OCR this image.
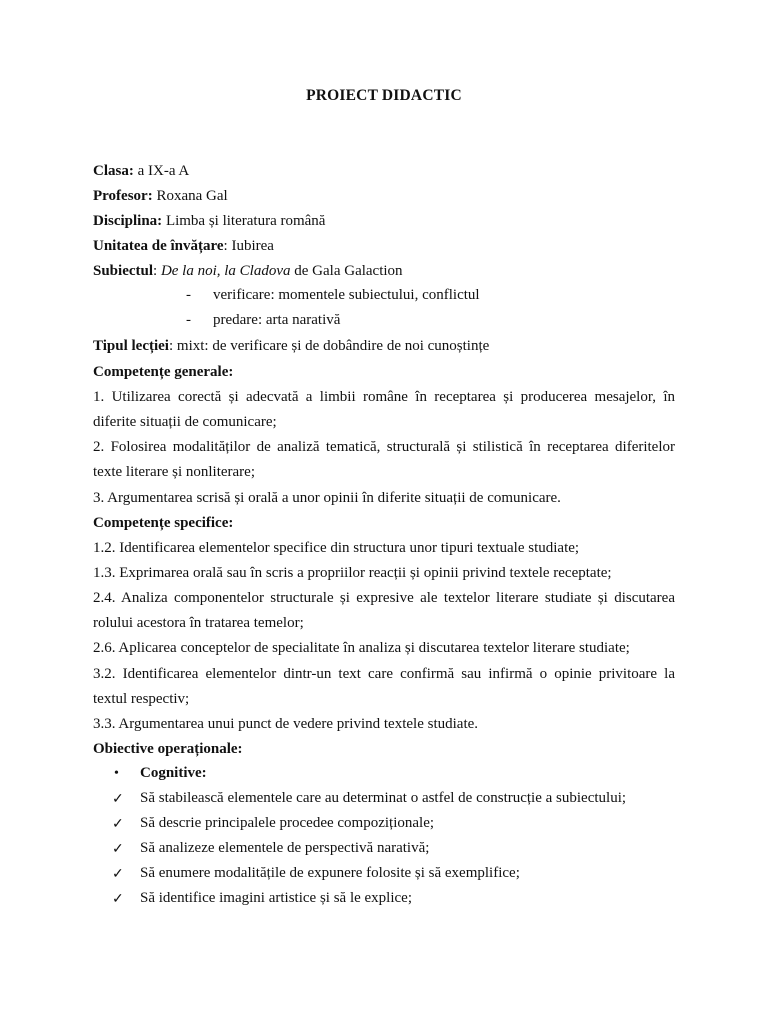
PROIECT DIDACTIC
Clasa: a IX-a A
Profesor: Roxana Gal
Disciplina: Limba și literatura română
Unitatea de învățare: Iubirea
Subiectul: De la noi, la Cladova de Gala Galaction
- verificare: momentele subiectului, conflictul
- predare: arta narativă
Tipul lecției: mixt: de verificare și de dobândire de noi cunoștințe
Competențe generale:
1. Utilizarea corectă și adecvată a limbii române în receptarea și producerea mesajelor, în
diferite situații de comunicare;
2. Folosirea modalităților de analiză tematică, structurală și stilistică în receptarea diferitelor
texte literare și nonliterare;
3. Argumentarea scrisă și orală a unor opinii în diferite situații de comunicare.
Competențe specifice:
1.2. Identificarea elementelor specifice din structura unor tipuri textuale studiate;
1.3. Exprimarea orală sau în scris a propriilor reacții și opinii privind textele receptate;
2.4. Analiza componentelor structurale și expresive ale textelor literare studiate și discutarea
rolului acestora în tratarea temelor;
2.6. Aplicarea conceptelor de specialitate în analiza și discutarea textelor literare studiate;
3.2. Identificarea elementelor dintr-un text care confirmă sau infirmă o opinie privitoare la
textul respectiv;
3.3. Argumentarea unui punct de vedere privind textele studiate.
Obiective operaționale:
• Cognitive:
✓ Să stabilească elementele care au determinat o astfel de construcție a subiectului;
✓ Să descrie principalele procedee compoziționale;
✓ Să analizeze elementele de perspectivă narativă;
✓ Să enumere modalitățile de expunere folosite și să exemplifice;
✓ Să identifice imagini artistice și să le explice;
